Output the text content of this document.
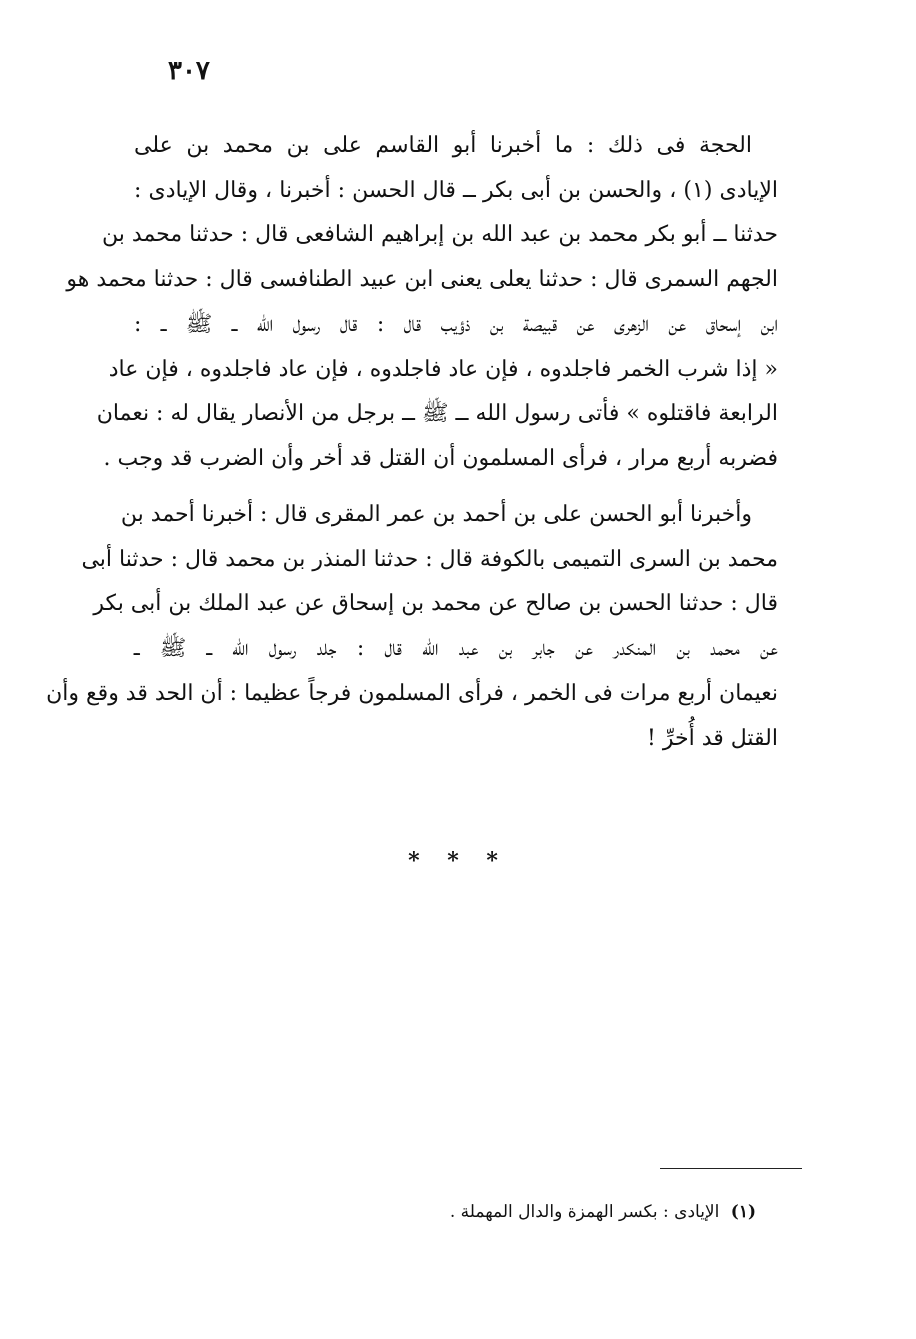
٣٠٧
الحجة فى ذلك : ما أخبرنا أبو القاسم على بن محمد بن على
الإيادى (١) ، والحسن بن أبى بكر ــ قال الحسن : أخبرنا ، وقال الإيادى :
حدثنا ــ أبو بكر محمد بن عبد الله بن إبراهيم الشافعى قال : حدثنا محمد بن
الجهم السمرى قال : حدثنا يعلى يعنى ابن عبيد الطنافسى قال : حدثنا محمد هو
ابن إسحاق عن الزهرى عن قبيصة بن ذؤيب قال : قال رسول الله ــ ﷺ ــ :
« إذا شرب الخمر فاجلدوه ، فإن عاد فاجلدوه ، فإن عاد فاجلدوه ، فإن عاد
الرابعة فاقتلوه » فأتى رسول الله ــ ﷺ ــ برجل من الأنصار يقال له : نعمان
فضربه أربع مرار ، فرأى المسلمون أن القتل قد أخر وأن الضرب قد وجب .
وأخبرنا أبو الحسن على بن أحمد بن عمر المقرى قال : أخبرنا أحمد بن
محمد بن السرى التميمى بالكوفة قال : حدثنا المنذر بن محمد قال : حدثنا أبى
قال : حدثنا الحسن بن صالح عن محمد بن إسحاق عن عبد الملك بن أبى بكر
عن محمد بن المنكدر عن جابر بن عبد الله قال : جلد رسول الله ــ ﷺ ــ
نعيمان أربع مرات فى الخمر ، فرأى المسلمون فرجاً عظيما : أن الحد قد وقع وأن
القتل قد أُخرِّ !
* * *
(١) الإيادى : بكسر الهمزة والدال المهملة .
